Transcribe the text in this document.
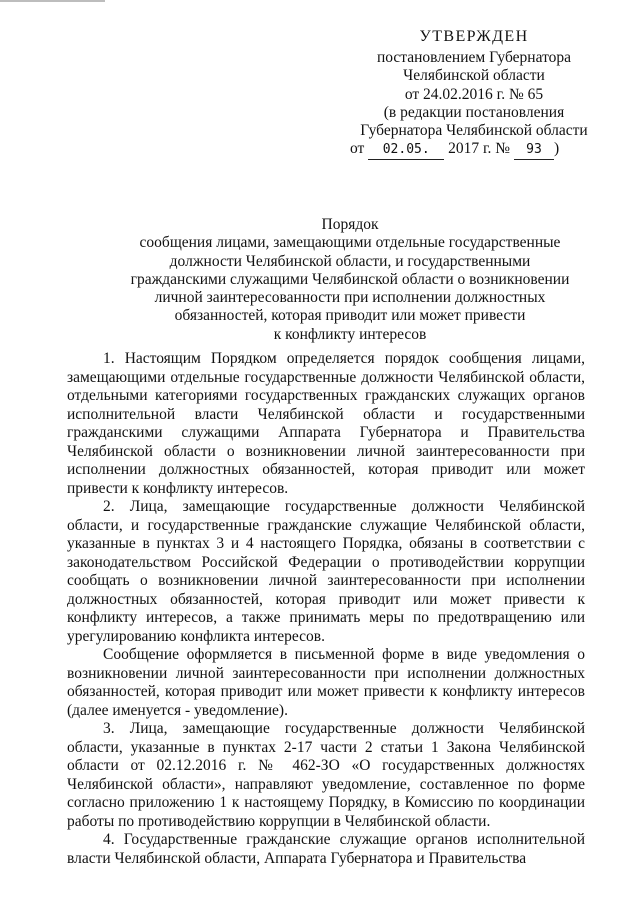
УТВЕРЖДЕН
постановлением Губернатора
Челябинской области
от 24.02.2016 г. № 65
(в редакции постановления
Губернатора Челябинской области
от 02.05. 2017 г. № 93 )
Порядок
сообщения лицами, замещающими отдельные государственные
должности Челябинской области, и государственными
гражданскими служащими Челябинской области о возникновении
личной заинтересованности при исполнении должностных
обязанностей, которая приводит или может привести
к конфликту интересов

1. Настоящим Порядком определяется порядок сообщения лицами, замещающими отдельные государственные должности Челябинской области, отдельными категориями государственных гражданских служащих органов исполнительной власти Челябинской области и государственными гражданскими служащими Аппарата Губернатора и Правительства Челябинской области о возникновении личной заинтересованности при исполнении должностных обязанностей, которая приводит или может привести к конфликту интересов.

2. Лица, замещающие государственные должности Челябинской области, и государственные гражданские служащие Челябинской области, указанные в пунктах 3 и 4 настоящего Порядка, обязаны в соответствии с законодательством Российской Федерации о противодействии коррупции сообщать о возникновении личной заинтересованности при исполнении должностных обязанностей, которая приводит или может привести к конфликту интересов, а также принимать меры по предотвращению или урегулированию конфликта интересов.

Сообщение оформляется в письменной форме в виде уведомления о возникновении личной заинтересованности при исполнении должностных обязанностей, которая приводит или может привести к конфликту интересов (далее именуется - уведомление).

3. Лица, замещающие государственные должности Челябинской области, указанные в пунктах 2-17 части 2 статьи 1 Закона Челябинской области от 02.12.2016 г. № 462-ЗО «О государственных должностях Челябинской области», направляют уведомление, составленное по форме согласно приложению 1 к настоящему Порядку, в Комиссию по координации работы по противодействию коррупции в Челябинской области.

4. Государственные гражданские служащие органов исполнительной власти Челябинской области, Аппарата Губернатора и Правительства
